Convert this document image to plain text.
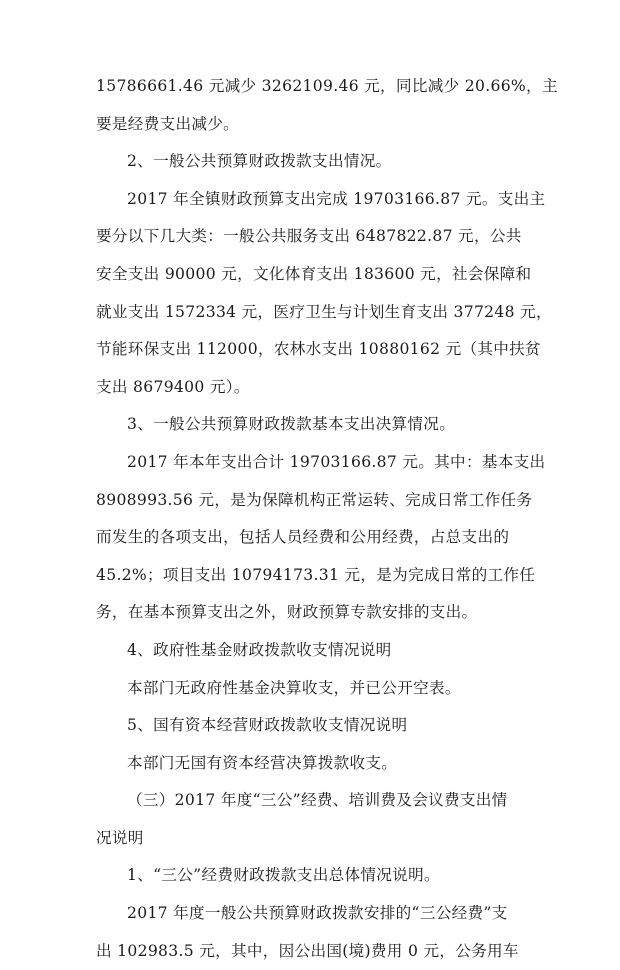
15786661.46 元减少 3262109.46 元，同比减少 20.66%，主
要是经费支出减少。
2、一般公共预算财政拨款支出情况。
2017 年全镇财政预算支出完成 19703166.87 元。支出主
要分以下几大类：一般公共服务支出 6487822.87 元，公共
安全支出 90000 元，文化体育支出 183600 元，社会保障和
就业支出 1572334 元，医疗卫生与计划生育支出 377248 元，
节能环保支出 112000，农林水支出 10880162 元（其中扶贫
支出 8679400 元）。
3、一般公共预算财政拨款基本支出决算情况。
2017 年本年支出合计 19703166.87 元。其中：基本支出
8908993.56 元，是为保障机构正常运转、完成日常工作任务
而发生的各项支出，包括人员经费和公用经费，占总支出的
45.2%；项目支出 10794173.31 元，是为完成日常的工作任
务，在基本预算支出之外，财政预算专款安排的支出。
4、政府性基金财政拨款收支情况说明
本部门无政府性基金决算收支，并已公开空表。
5、国有资本经营财政拨款收支情况说明
本部门无国有资本经营决算拨款收支。
（三）2017 年度“三公”经费、培训费及会议费支出情
况说明
1、“三公”经费财政拨款支出总体情况说明。
2017 年度一般公共预算财政拨款安排的“三公经费”支
出 102983.5 元，其中，因公出国(境)费用 0 元，公务用车
